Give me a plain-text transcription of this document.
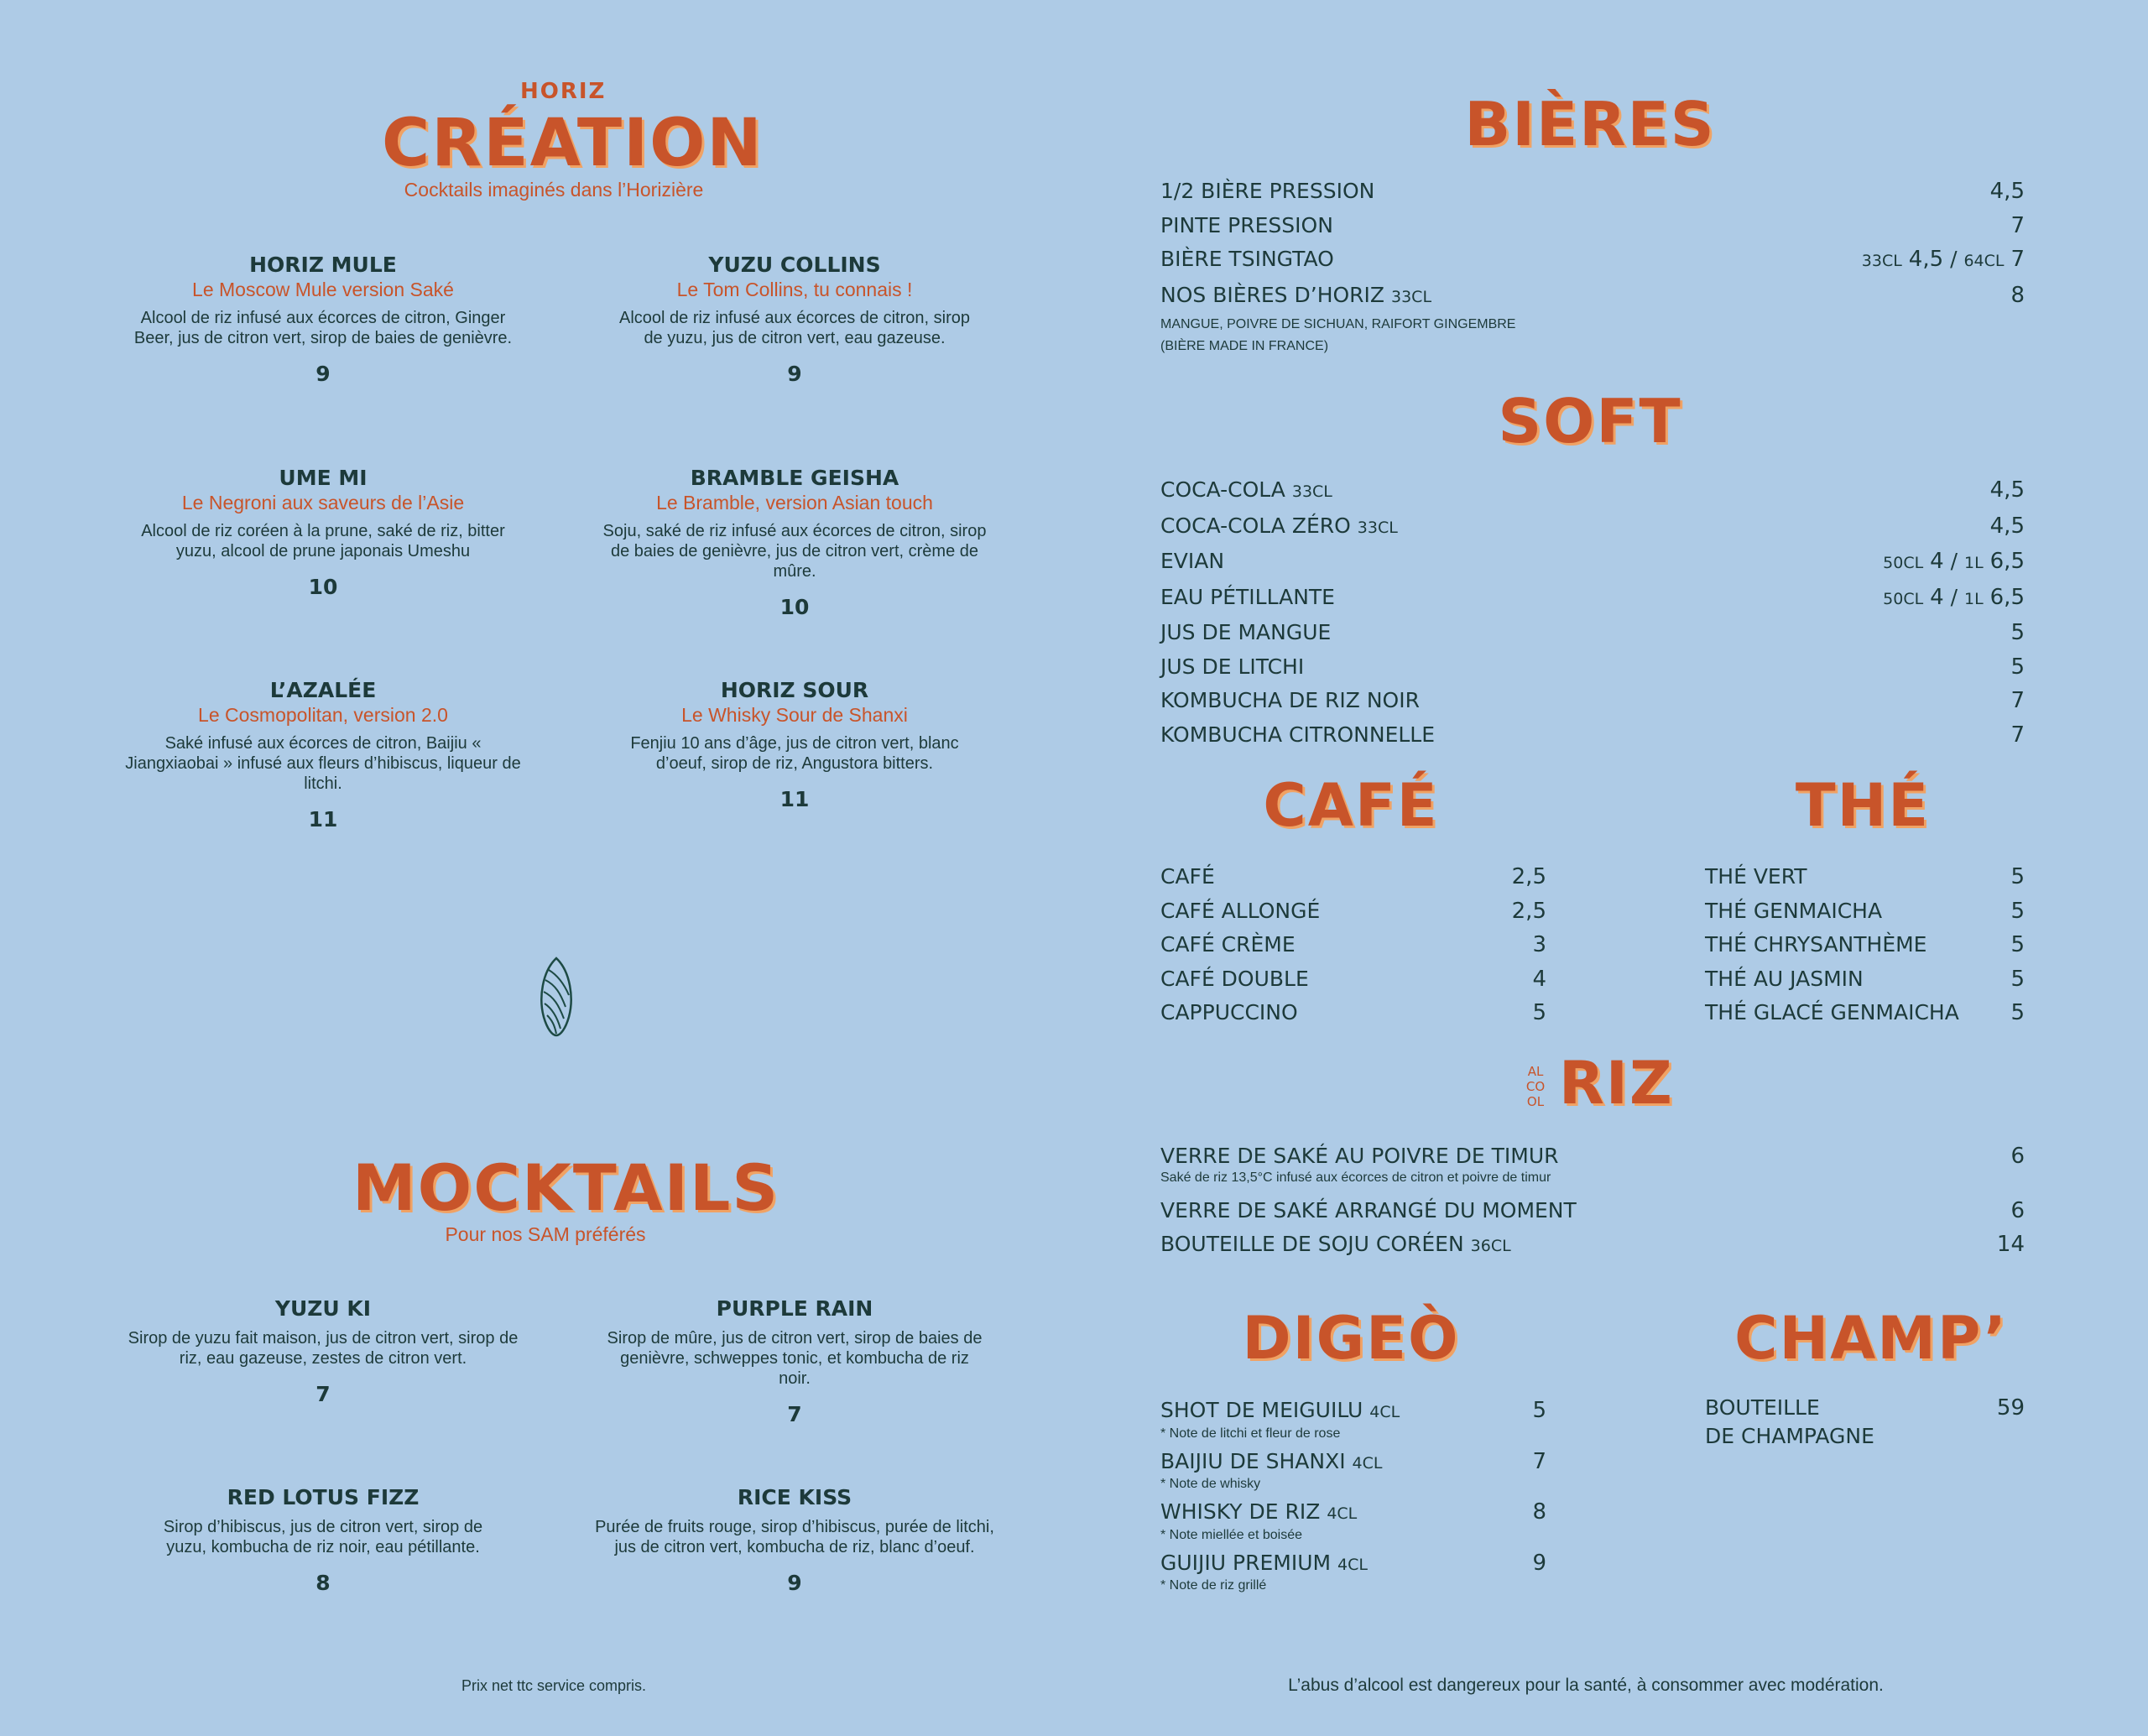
HORIZ
CRÉATION
Cocktails imaginés dans l’Horizière
HORIZ MULE
Le Moscow Mule version Saké
Alcool de riz infusé aux écorces de citron, Ginger Beer, jus de citron vert, sirop de baies de genièvre.
9
YUZU COLLINS
Le Tom Collins, tu connais !
Alcool de riz infusé aux écorces de citron, sirop de yuzu, jus de citron vert, eau gazeuse.
9
UME MI
Le Negroni aux saveurs de l’Asie
Alcool de riz coréen à la prune, saké de riz, bitter yuzu, alcool de prune japonais Umeshu
10
BRAMBLE GEISHA
Le Bramble, version Asian touch
Soju, saké de riz infusé aux écorces de citron, sirop de baies de genièvre, jus de citron vert, crème de mûre.
10
L’AZALÉE
Le Cosmopolitan, version 2.0
Saké infusé aux écorces de citron, Baijiu « Jiangxiaobai » infusé aux fleurs d’hibiscus, liqueur de litchi.
11
HORIZ SOUR
Le Whisky Sour de Shanxi
Fenjiu 10 ans d’âge, jus de citron vert, blanc d’oeuf, sirop de riz, Angustora bitters.
11
MOCKTAILS
Pour nos SAM préférés
YUZU KI
Sirop de yuzu fait maison, jus de citron vert, sirop de riz, eau gazeuse, zestes de citron vert.
7
PURPLE RAIN
Sirop de mûre, jus de citron vert, sirop de baies de genièvre, schweppes tonic, et kombucha de riz noir.
7
RED LOTUS FIZZ
Sirop d’hibiscus, jus de citron vert, sirop de yuzu, kombucha de riz noir, eau pétillante.
8
RICE KISS
Purée de fruits rouge, sirop d’hibiscus, purée de litchi, jus de citron vert, kombucha de riz, blanc d’oeuf.
9
Prix net ttc service compris.
BIÈRES
1/2 BIÈRE PRESSION	4,5
PINTE PRESSION	7
BIÈRE TSINGTAO	33CL 4,5 / 64CL 7
NOS BIÈRES D’HORIZ 33CL	8
MANGUE, POIVRE DE SICHUAN, RAIFORT GINGEMBRE
(BIÈRE MADE IN FRANCE)
SOFT
COCA-COLA 33CL	4,5
COCA-COLA ZÉRO 33CL	4,5
EVIAN	50CL 4 / 1L 6,5
EAU PÉTILLANTE	50CL 4 / 1L 6,5
JUS DE MANGUE	5
JUS DE LITCHI	5
KOMBUCHA DE RIZ NOIR	7
KOMBUCHA CITRONNELLE	7
CAFÉ
CAFÉ	2,5
CAFÉ ALLONGÉ	2,5
CAFÉ CRÈME	3
CAFÉ DOUBLE	4
CAPPUCCINO	5
THÉ
THÉ VERT	5
THÉ GENMAICHA	5
THÉ CHRYSANTHÈME	5
THÉ AU JASMIN	5
THÉ GLACÉ GENMAICHA 5
AL
CO
OL RIZ
VERRE DE SAKÉ AU POIVRE DE TIMUR	6
Saké de riz 13,5°C infusé aux écorces de citron et poivre de timur
VERRE DE SAKÉ ARRANGÉ DU MOMENT	6
BOUTEILLE DE SOJU CORÉEN 36CL	14
DIGEÒ
SHOT DE MEIGUILU 4CL	5
* Note de litchi et fleur de rose
BAIJIU DE SHANXI 4CL	7
* Note de whisky
WHISKY DE RIZ 4CL	8
* Note miellée et boisée
GUIJIU PREMIUM 4CL	9
* Note de riz grillé
CHAMP’
BOUTEILLE	59
DE CHAMPAGNE
L’abus d’alcool est dangereux pour la santé, à consommer avec modération.
